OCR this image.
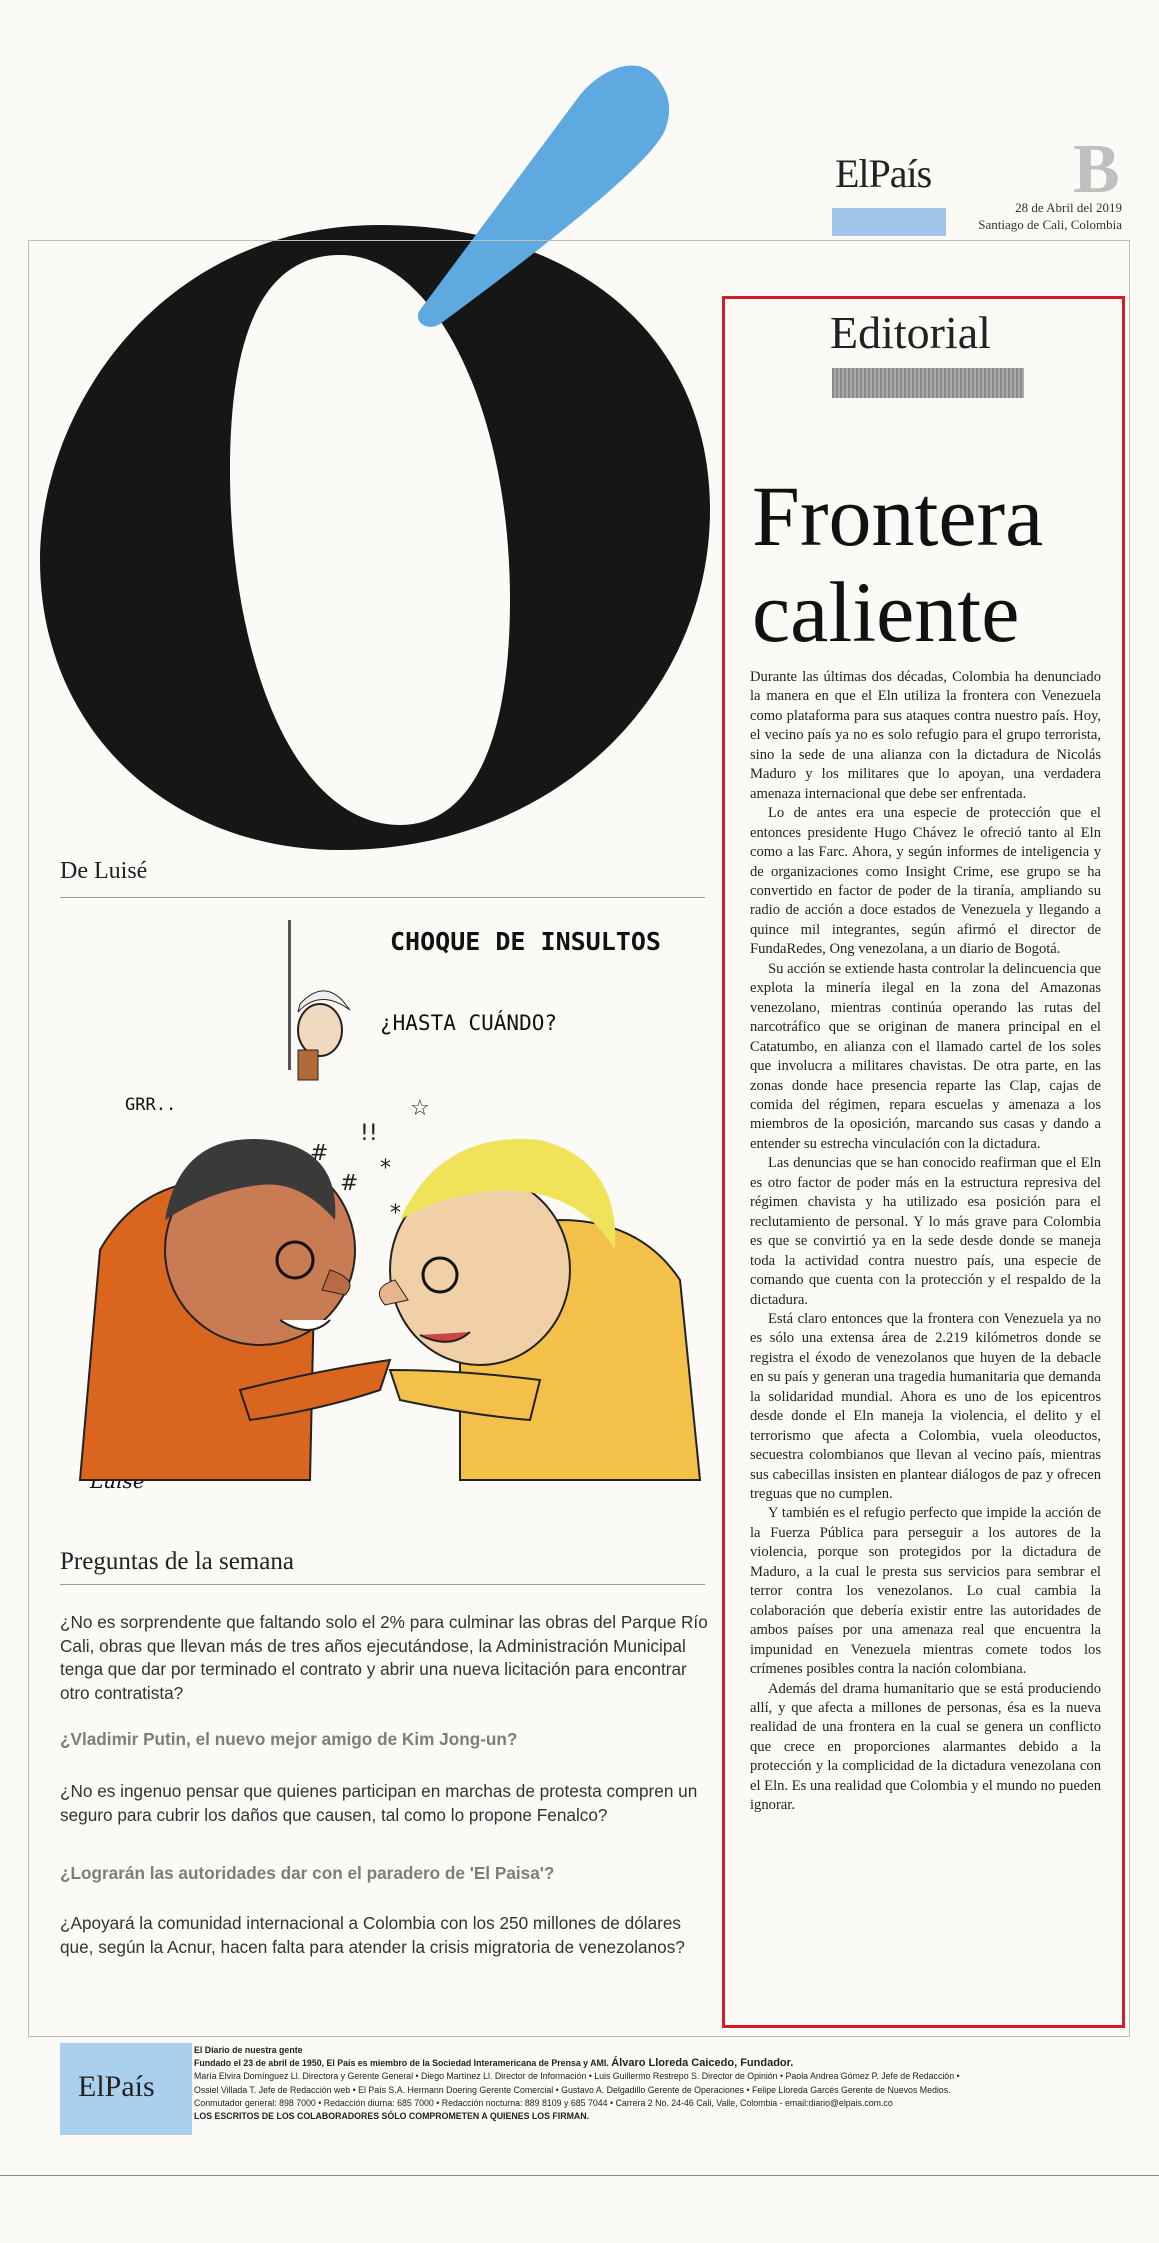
ElPaís B
28 de Abril del 2019
Santiago de Cali, Colombia
Editorial
Frontera
caliente

Durante las últimas dos décadas, Colombia ha denunciado la manera en que el Eln utiliza la frontera con Venezuela como plataforma para sus ataques contra nuestro país. Hoy, el vecino país ya no es solo refugio para el grupo terrorista, sino la sede de una alianza con la dictadura de Nicolás Maduro y los militares que lo apoyan, una verdadera amenaza internacional que debe ser enfrentada.

Lo de antes era una especie de protección que el entonces presidente Hugo Chávez le ofreció tanto al Eln como a las Farc. Ahora, y según informes de inteligencia y de organizaciones como Insight Crime, ese grupo se ha convertido en factor de poder de la tiranía, ampliando su radio de acción a doce estados de Venezuela y llegando a quince mil integrantes, según afirmó el director de FundaRedes, Ong venezolana, a un diario de Bogotá.

Su acción se extiende hasta controlar la delincuencia que explota la minería ilegal en la zona del Amazonas venezolano, mientras continúa operando las rutas del narcotráfico que se originan de manera principal en el Catatumbo, en alianza con el llamado cartel de los soles que involucra a militares chavistas. De otra parte, en las zonas donde hace presencia reparte las Clap, cajas de comida del régimen, repara escuelas y amenaza a los miembros de la oposición, marcando sus casas y dando a entender su estrecha vinculación con la dictadura.

Las denuncias que se han conocido reafirman que el Eln es otro factor de poder más en la estructura represiva del régimen chavista y ha utilizado esa posición para el reclutamiento de personal. Y lo más grave para Colombia es que se convirtió ya en la sede desde donde se maneja toda la actividad contra nuestro país, una especie de comando que cuenta con la protección y el respaldo de la dictadura.

Está claro entonces que la frontera con Venezuela ya no es sólo una extensa área de 2.219 kilómetros donde se registra el éxodo de venezolanos que huyen de la debacle en su país y generan una tragedia humanitaria que demanda la solidaridad mundial. Ahora es uno de los epicentros desde donde el Eln maneja la violencia, el delito y el terrorismo que afecta a Colombia, vuela oleoductos, secuestra colombianos que llevan al vecino país, mientras sus cabecillas insisten en plantear diálogos de paz y ofrecen treguas que no cumplen.

Y también es el refugio perfecto que impide la acción de la Fuerza Pública para perseguir a los autores de la violencia, porque son protegidos por la dictadura de Maduro, a la cual le presta sus servicios para sembrar el terror contra los venezolanos. Lo cual cambia la colaboración que debería existir entre las autoridades de ambos países por una amenaza real que encuentra la impunidad en Venezuela mientras comete todos los crímenes posibles contra la nación colombiana.

Además del drama humanitario que se está produciendo allí, y que afecta a millones de personas, ésa es la nueva realidad de una frontera en la cual se genera un conflicto que crece en proporciones alarmantes debido a la protección y la complicidad de la dictadura venezolana con el Eln. Es una realidad que Colombia y el mundo no pueden ignorar.

De Luisé
CHOQUE DE INSULTOS
¿HASTA CUÁNDO?
GRR..
#
!!
*
☆
#
*
Preguntas de la semana
¿No es sorprendente que faltando solo el 2% para culminar las obras del Parque Río Cali, obras que llevan más de tres años ejecutándose, la Administración Municipal tenga que dar por terminado el contrato y abrir una nueva licitación para encontrar otro contratista?
¿Vladimir Putin, el nuevo mejor amigo de Kim Jong-un?
¿No es ingenuo pensar que quienes participan en marchas de protesta compren un seguro para cubrir los daños que causen, tal como lo propone Fenalco?
¿Lograrán las autoridades dar con el paradero de 'El Paisa'?
¿Apoyará la comunidad internacional a Colombia con los 250 millones de dólares que, según la Acnur, hacen falta para atender la crisis migratoria de venezolanos?
ElPaís
El Diario de nuestra gente
Fundado el 23 de abril de 1950, El País es miembro de la Sociedad Interamericana de Prensa y AMI. Álvaro Lloreda Caicedo, Fundador.
María Elvira Domínguez Ll. Directora y Gerente General • Diego Martínez Ll. Director de Información • Luis Guillermo Restrepo S. Director de Opinión • Paola Andrea Gómez P. Jefe de Redacción •
Ossiel Villada T. Jefe de Redacción web • El País S.A. Hermann Doering Gerente Comercial • Gustavo A. Delgadillo Gerente de Operaciones • Felipe Lloreda Garcés Gerente de Nuevos Medios.
Conmutador general: 898 7000 • Redacción diurna: 685 7000 • Redacción nocturna: 889 8109 y 685 7044 • Carrera 2 No. 24-46 Cali, Valle, Colombia - email:diario@elpais.com.co
LOS ESCRITOS DE LOS COLABORADORES SÓLO COMPROMETEN A QUIENES LOS FIRMAN.
